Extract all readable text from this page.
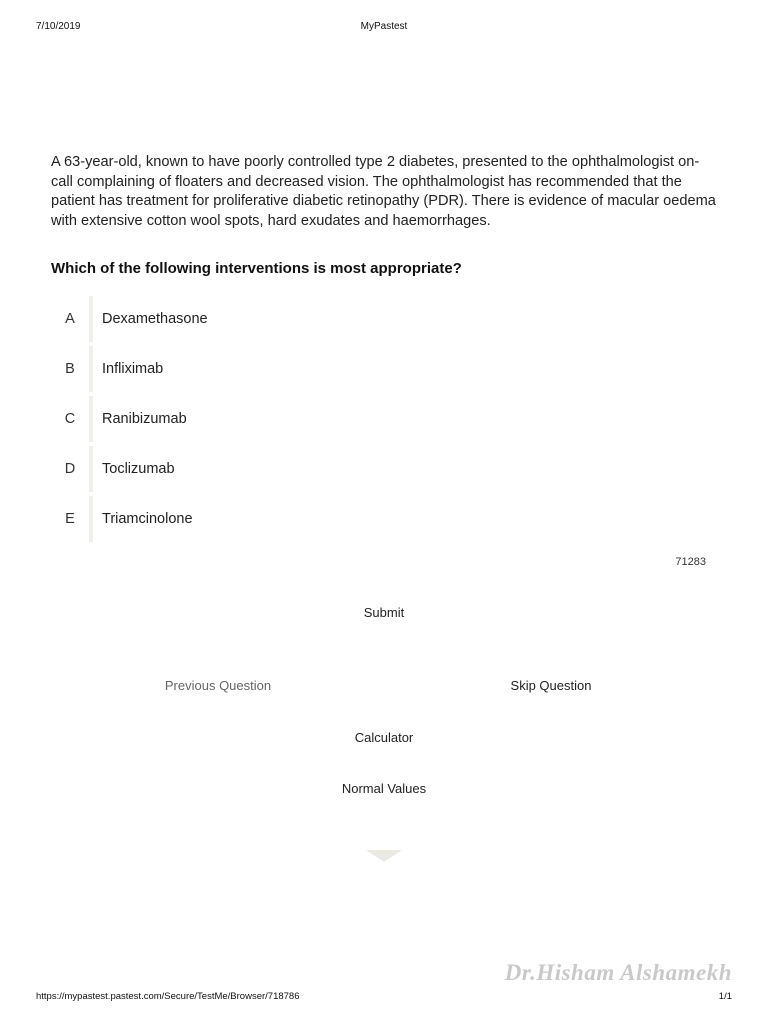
7/10/2019	MyPastest

A 63-year-old, known to have poorly controlled type 2 diabetes, presented to the ophthalmologist on-call complaining of floaters and decreased vision. The ophthalmologist has recommended that the patient has treatment for proliferative diabetic retinopathy (PDR). There is evidence of macular oedema with extensive cotton wool spots, hard exudates and haemorrhages.

Which of the following interventions is most appropriate?

A	Dexamethasone
B	Infliximab
C	Ranibizumab
D	Toclizumab
E	Triamcinolone
71283
Submit
Previous Question	Skip Question
Calculator
Normal Values
Dr.Hisham Alshamekh
https://mypastest.pastest.com/Secure/TestMe/Browser/718786	1/1
